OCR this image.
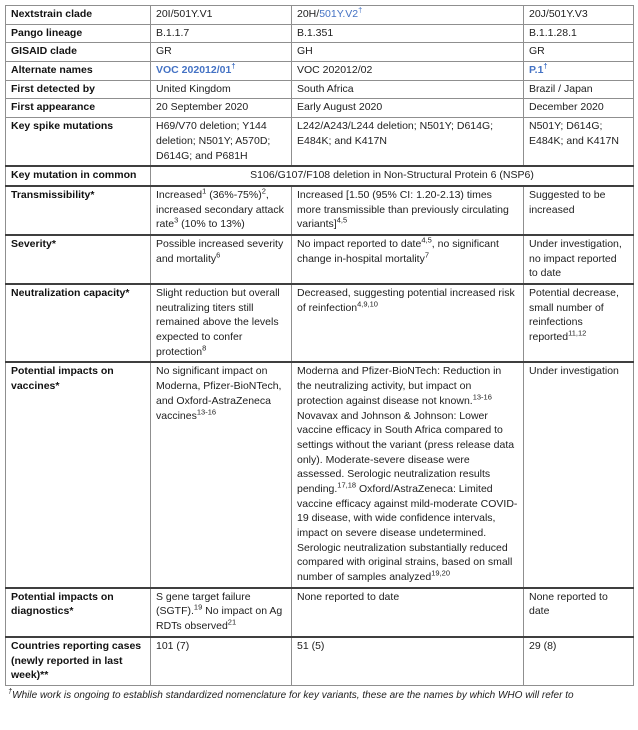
Nextstrain clade	20I/501Y.V1	20H/501Y.V2†	20J/501Y.V3
Pango lineage	B.1.1.7	B.1.351	B.1.1.28.1
GISAID clade	GR	GH	GR
Alternate names	VOC 202012/01†	VOC 202012/02	P.1†
First detected by	United Kingdom	South Africa	Brazil / Japan
First appearance	20 September 2020	Early August 2020	December 2020
Key spike mutations	H69/V70 deletion; Y144 deletion; N501Y; A570D; D614G; and P681H	L242/A243/L244 deletion; N501Y; D614G; E484K; and K417N	N501Y; D614G; E484K; and K417N
Key mutation in common	S106/G107/F108 deletion in Non-Structural Protein 6 (NSP6)		
Transmissibility*	Increased$^1$ $(36\%-75\%)^2$, increased secondary attack rate$^3$ (10% to 13%)	Increased [1.50 (95% CI: 1.20-2.13) times more transmissible than previously circulating variants]$^{4,5}$	Suggested to be increased
Severity*	Possible increased severity and mortality$^6$	No impact reported to date$^{4,5}$, no significant change in-hospital mortality$^7$	Under investigation, no impact reported to date
Neutralization capacity*	Slight reduction but overall neutralizing titers still remained above the levels expected to confer protection$^8$	Decreased, suggesting potential increased risk of reinfection$^{4,9,10}$	Potential decrease, small number of reinfections reported$^{11,12}$
Potential impacts on vaccines*	No significant impact on Moderna, Pfizer-BioNTech, and Oxford-AstraZeneca vaccines$^{13-16}$	Moderna and Pfizer-BioNTech: Reduction in the neutralizing activity, but impact on protection against disease not known.$^{13-16}$ Novavax and Johnson & Johnson: Lower vaccine efficacy in South Africa compared to settings without the variant (press release data only). Moderate-severe disease were assessed. Serologic neutralization results pending.$^{17,18}$ Oxford/AstraZeneca: Limited vaccine efficacy against mild-moderate COVID-19 disease, with wide confidence intervals, impact on severe disease undetermined. Serologic neutralization substantially reduced compared with original strains, based on small number of samples analyzed$^{19,20}$	Under investigation
Potential impacts on diagnostics*	S gene target failure (SGTF).$^{19}$ No impact on Ag RDTs observed$^{21}$	None reported to date	None reported to date
Countries reporting cases (newly reported in last week)**	101 (7)	51 (5)	29 (8)
†While work is ongoing to establish standardized nomenclature for key variants, these are the names by which WHO will refer to
